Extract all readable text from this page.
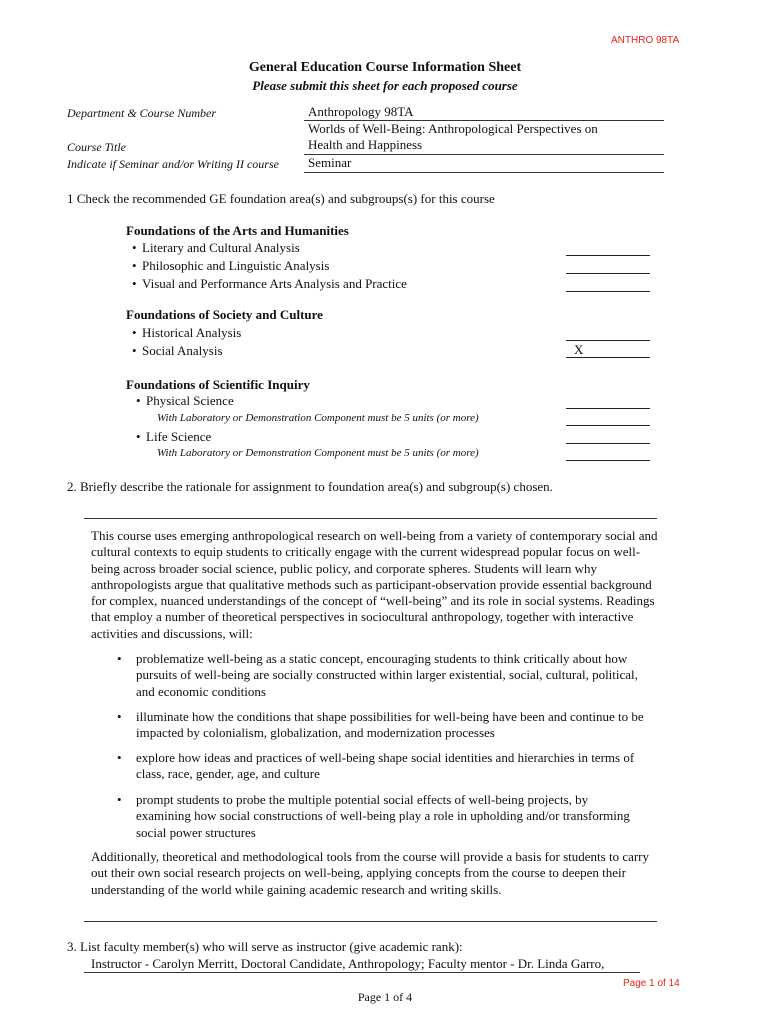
ANTHRO 98TA
General Education Course Information Sheet
Please submit this sheet for each proposed course
Department & Course Number	Anthropology 98TA
Worlds of Well-Being: Anthropological Perspectives on
Course Title	Health and Happiness
Indicate if Seminar and/or Writing II course Seminar
1 Check the recommended GE foundation area(s) and subgroups(s) for this course
Foundations of the Arts and Humanities
• Literary and Cultural Analysis
• Philosophic and Linguistic Analysis
• Visual and Performance Arts Analysis and Practice
Foundations of Society and Culture
• Historical Analysis
• Social Analysis	X
Foundations of Scientific Inquiry
• Physical Science
With Laboratory or Demonstration Component must be 5 units (or more)
• Life Science
With Laboratory or Demonstration Component must be 5 units (or more)
2. Briefly describe the rationale for assignment to foundation area(s) and subgroup(s) chosen.
This course uses emerging anthropological research on well-being from a variety of contemporary social and cultural contexts to equip students to critically engage with the current widespread popular focus on well-being across broader social science, public policy, and corporate spheres. Students will learn why anthropologists argue that qualitative methods such as participant-observation provide essential background for complex, nuanced understandings of the concept of “well-being” and its role in social systems. Readings that employ a number of theoretical perspectives in sociocultural anthropology, together with interactive activities and discussions, will:
• problematize well-being as a static concept, encouraging students to think critically about how pursuits of well-being are socially constructed within larger existential, social, cultural, political, and economic conditions
• illuminate how the conditions that shape possibilities for well-being have been and continue to be impacted by colonialism, globalization, and modernization processes
• explore how ideas and practices of well-being shape social identities and hierarchies in terms of class, race, gender, age, and culture
• prompt students to probe the multiple potential social effects of well-being projects, by examining how social constructions of well-being play a role in upholding and/or transforming social power structures
Additionally, theoretical and methodological tools from the course will provide a basis for students to carry out their own social research projects on well-being, applying concepts from the course to deepen their understanding of the world while gaining academic research and writing skills.
3. List faculty member(s) who will serve as instructor (give academic rank):
Instructor - Carolyn Merritt, Doctoral Candidate, Anthropology; Faculty mentor - Dr. Linda Garro,
Page 1 of 14
Page 1 of 4
